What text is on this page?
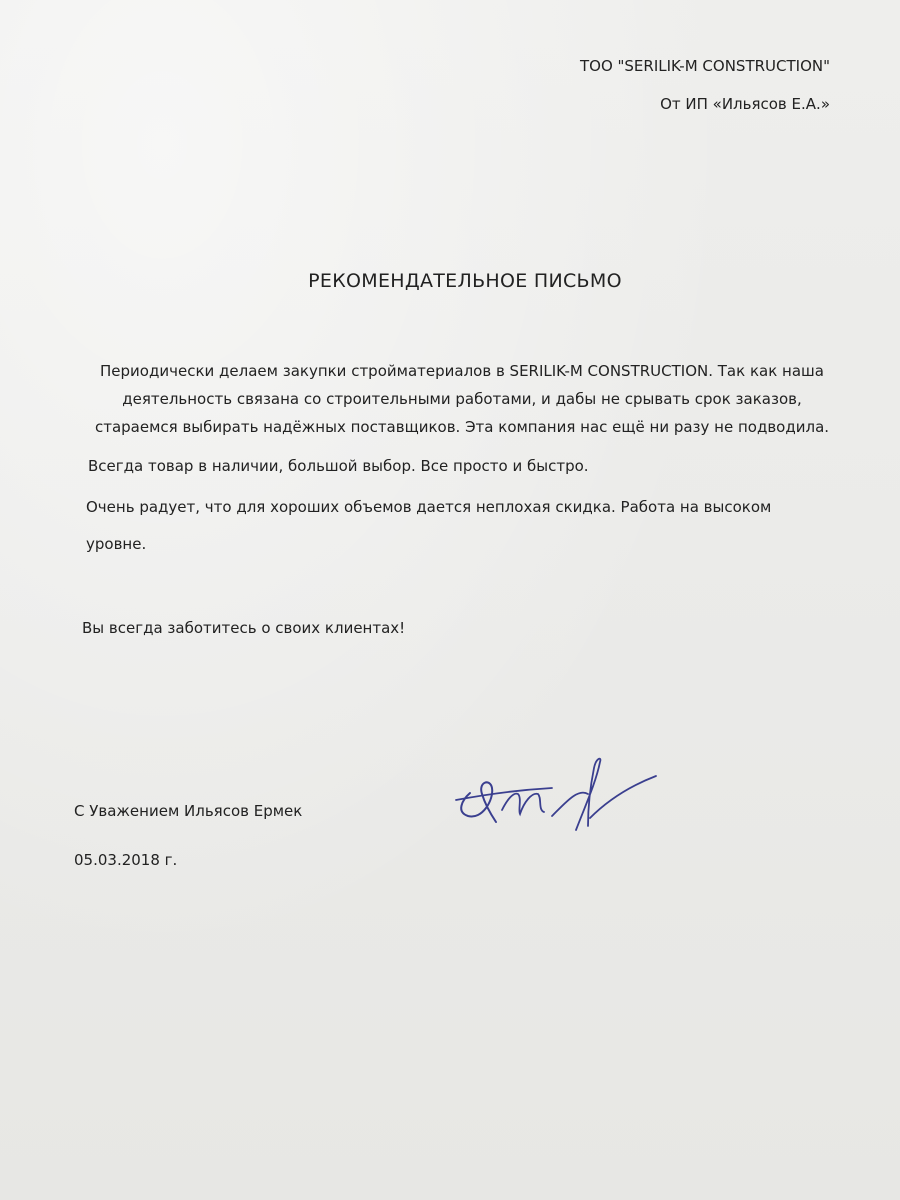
ТОО "SERILIK-M CONSTRUCTION"
От ИП «Ильясов Е.А.»
РЕКОМЕНДАТЕЛЬНОЕ ПИСЬМО
Периодически делаем закупки стройматериалов в SERILIK-M CONSTRUCTION. Так как наша
деятельность связана со строительными работами, и дабы не срывать срок заказов,
стараемся выбирать надёжных поставщиков. Эта компания нас ещё ни разу не подводила.
Всегда товар в наличии, большой выбор. Все просто и быстро.
Очень радует, что для хороших объемов дается неплохая скидка. Работа на высоком
уровне.
Вы всегда заботитесь о своих клиентах!
С Уважением Ильясов Ермек
05.03.2018 г.
